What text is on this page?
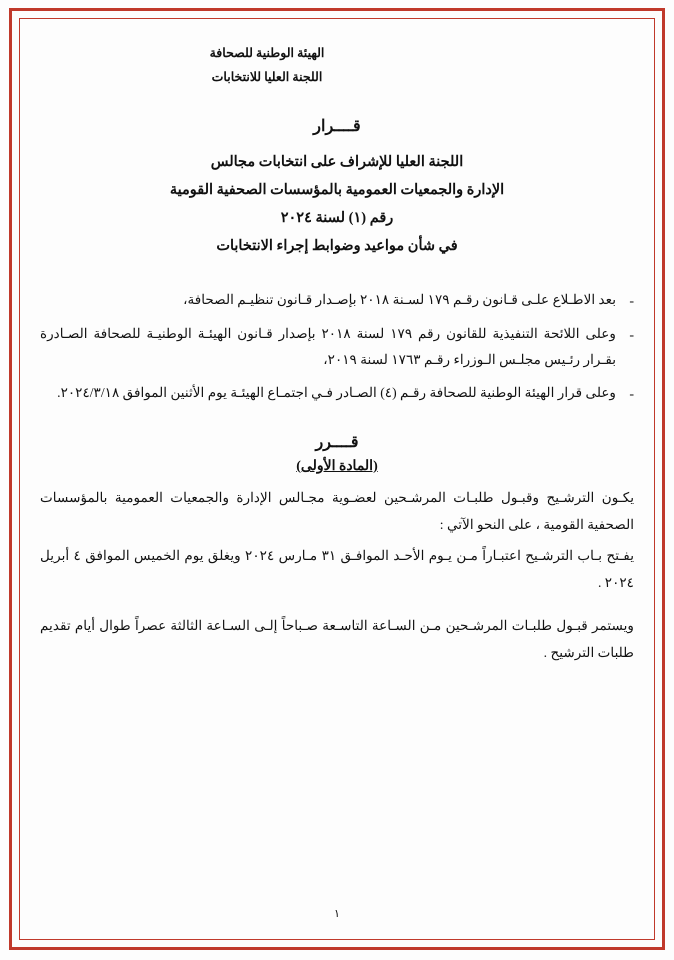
الهيئة الوطنية للصحافة
اللجنة العليا للانتخابات
قــــرار
اللجنة العليا للإشراف على انتخابات مجالس
الإدارة والجمعيات العمومية بالمؤسسات الصحفية القومية
رقم (١) لسنة ٢٠٢٤
في شأن مواعيد وضوابط إجراء الانتخابات
-
بعد الاطـلاع علـى قـانون رقـم ١٧٩ لسـنة ٢٠١٨ بإصـدار قـانون تنظيـم الصحافة،
-
وعلى اللائحة التنفيذية للقانون رقم ١٧٩ لسنة ٢٠١٨ بإصدار قـانون الهيئـة الوطنيـة للصحافة الصـادرة بقـرار رئـيس مجلـس الـوزراء رقـم ١٧٦٣ لسنة ٢٠١٩،
-
وعلى قرار الهيئة الوطنية للصحافة رقـم (٤) الصـادر فـي اجتمـاع الهيئـة يوم الأثنين الموافق ٢٠٢٤/٣/١٨.
قــــرر
(المادة الأولى)
يكـون الترشـيح وقبـول طلبـات المرشـحين لعضـوية مجـالس الإدارة والجمعيات العمومية بالمؤسسات الصحفية القومية ، على النحو الآتي :
يفـتح بـاب الترشـيح اعتبـاراً مـن يـوم الأحـد الموافـق ٣١ مـارس ٢٠٢٤ ويغلق يوم الخميس الموافق ٤ أبريل ٢٠٢٤ .
ويستمر قبـول طلبـات المرشـحين مـن السـاعة التاسـعة صـباحاً إلـى السـاعة الثالثة عصراً طوال أيام تقديم طلبات الترشيح .
١
